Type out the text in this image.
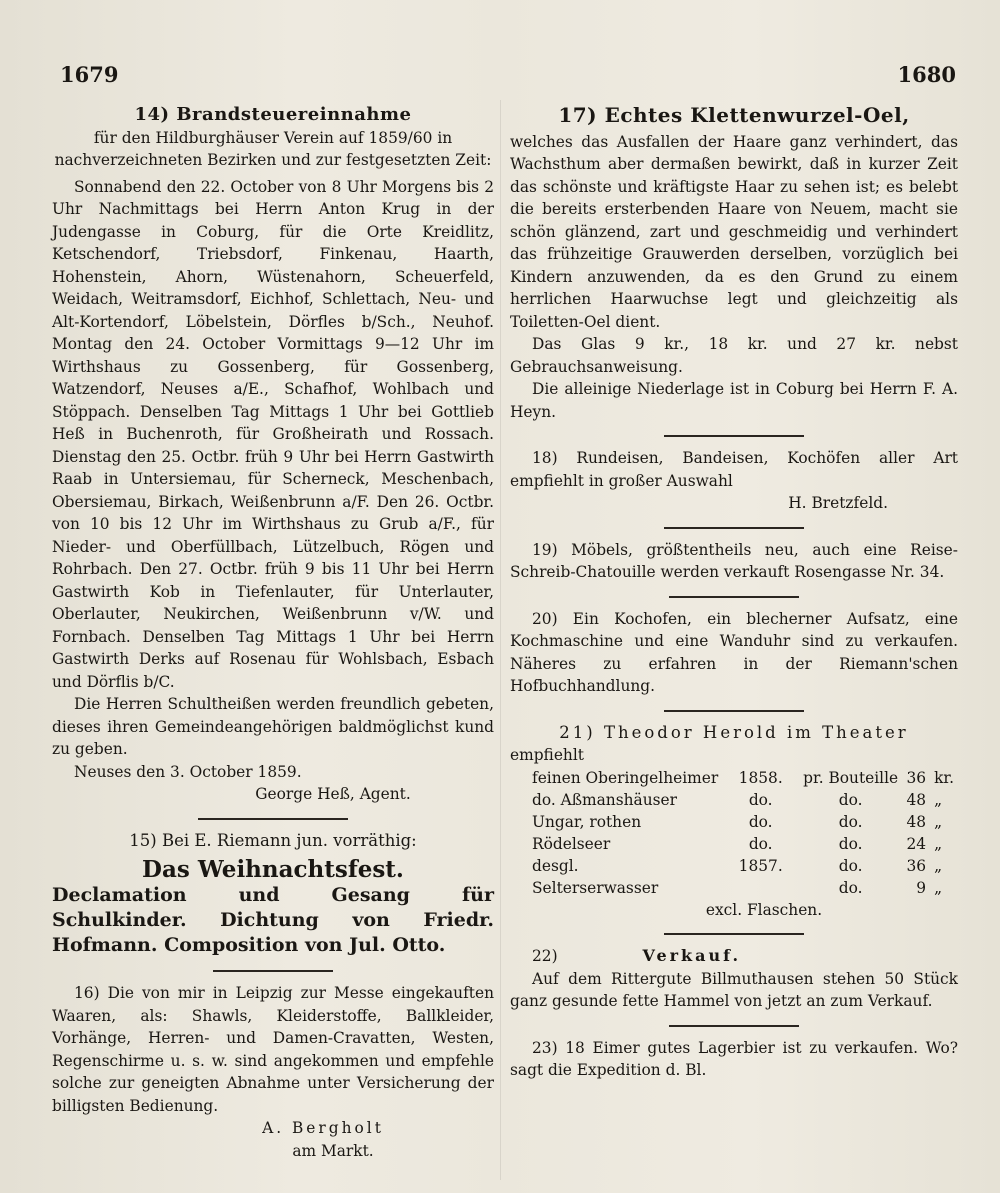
1679	1680

14) Brandsteuereinnahme

für den Hildburghäuser Verein auf 1859/60 in nachverzeichneten Bezirken und zur festgesetzten Zeit:

Sonnabend den 22. October von 8 Uhr Morgens bis 2 Uhr Nachmittags bei Herrn Anton Krug in der Judengasse in Coburg, für die Orte Kreidlitz, Ketschendorf, Triebsdorf, Finkenau, Haarth, Hohenstein, Ahorn, Wüstenahorn, Scheuerfeld, Weidach, Weitramsdorf, Eichhof, Schlettach, Neu- und Alt-Kortendorf, Löbelstein, Dörfles b/Sch., Neuhof. Montag den 24. October Vormittags 9—12 Uhr im Wirthshaus zu Gossenberg, für Gossenberg, Watzendorf, Neuses a/E., Schafhof, Wohlbach und Stöppach. Denselben Tag Mittags 1 Uhr bei Gottlieb Heß in Buchenroth, für Großheirath und Rossach. Dienstag den 25. Octbr. früh 9 Uhr bei Herrn Gastwirth Raab in Untersiemau, für Scherneck, Meschenbach, Obersiemau, Birkach, Weißenbrunn a/F. Den 26. Octbr. von 10 bis 12 Uhr im Wirthshaus zu Grub a/F., für Nieder- und Oberfüllbach, Lützelbuch, Rögen und Rohrbach. Den 27. Octbr. früh 9 bis 11 Uhr bei Herrn Gastwirth Kob in Tiefenlauter, für Unterlauter, Oberlauter, Neukirchen, Weißenbrunn v/W. und Fornbach. Denselben Tag Mittags 1 Uhr bei Herrn Gastwirth Derks auf Rosenau für Wohlsbach, Esbach und Dörflis b/C.

Die Herren Schultheißen werden freundlich gebeten, dieses ihren Gemeindeangehörigen baldmöglichst kund zu geben.

Neuses den 3. October 1859.

George Heß, Agent.

15) Bei E. Riemann jun. vorräthig:

Das Weihnachtsfest.

Declamation und Gesang für Schulkinder. Dichtung von Friedr. Hofmann. Composition von Jul. Otto.

16) Die von mir in Leipzig zur Messe eingekauften Waaren, als: Shawls, Kleiderstoffe, Ballkleider, Vorhänge, Herren- und Damen-Cravatten, Westen, Regenschirme u. s. w. sind angekommen und empfehle solche zur geneigten Abnahme unter Versicherung der billigsten Bedienung.

A. Bergholt

am Markt.

17) Echtes Klettenwurzel-Oel,

welches das Ausfallen der Haare ganz verhindert, das Wachsthum aber dermaßen bewirkt, daß in kurzer Zeit das schönste und kräftigste Haar zu sehen ist; es belebt die bereits ersterbenden Haare von Neuem, macht sie schön glänzend, zart und geschmeidig und verhindert das frühzeitige Grauwerden derselben, vorzüglich bei Kindern anzuwenden, da es den Grund zu einem herrlichen Haarwuchse legt und gleichzeitig als Toiletten-Oel dient.

Das Glas 9 kr., 18 kr. und 27 kr. nebst Gebrauchsanweisung.

Die alleinige Niederlage ist in Coburg bei Herrn F. A. Heyn.

18) Rundeisen, Bandeisen, Kochöfen aller Art empfiehlt in großer Auswahl

H. Bretzfeld.

19) Möbels, größtentheils neu, auch eine Reise-Schreib-Chatouille werden verkauft Rosengasse Nr. 34.

20) Ein Kochofen, ein blecherner Aufsatz, eine Kochmaschine und eine Wanduhr sind zu verkaufen. Näheres zu erfahren in der Riemann'schen Hofbuchhandlung.

21) Theodor Herold im Theater

empfiehlt

feinen Oberingelheimer	1858.	pr. Bouteille	36	kr.
do. Aßmanshäuser	do.	do.	48	„
Ungar, rothen	do.	do.	48	„
Rödelseer	do.	do.	24	„
desgl.	1857.	do.	36	„
Selterserwasser		do.	9	„

excl. Flaschen.

22)	Verkauf.

Auf dem Rittergute Billmuthausen stehen 50 Stück ganz gesunde fette Hammel von jetzt an zum Verkauf.

23) 18 Eimer gutes Lagerbier ist zu verkaufen. Wo? sagt die Expedition d. Bl.
